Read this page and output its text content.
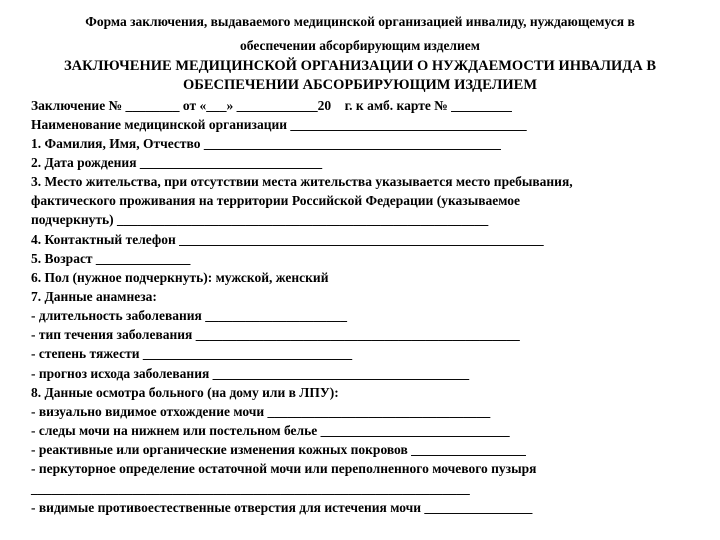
Форма заключения, выдаваемого медицинской организацией инвалиду, нуждающемуся в
обеспечении абсорбирующим изделием
ЗАКЛЮЧЕНИЕ МЕДИЦИНСКОЙ ОРГАНИЗАЦИИ О НУЖДАЕМОСТИ ИНВАЛИДА В
ОБЕСПЕЧЕНИИ АБСОРБИРУЮЩИМ ИЗДЕЛИЕМ
Заключение № ________ от «___» ____________20    г. к амб. карте № _________
Наименование медицинской организации ___________________________________
1. Фамилия, Имя, Отчество ____________________________________________
2. Дата рождения ___________________________
3. Место жительства, при отсутствии места жительства указывается место пребывания,
фактического проживания на территории Российской Федерации (указываемое
подчеркнуть) _______________________________________________________
4. Контактный телефон ______________________________________________________
5. Возраст ______________
6. Пол (нужное подчеркнуть): мужской, женский
7. Данные анамнеза:
- длительность заболевания _____________________
- тип течения заболевания ________________________________________________
- степень тяжести _______________________________
- прогноз исхода заболевания ______________________________________
8. Данные осмотра больного (на дому или в ЛПУ):
- визуально видимое отхождение мочи _________________________________
- следы мочи на нижнем или постельном белье ____________________________
- реактивные или органические изменения кожных покровов _________________
- перкуторное определение остаточной мочи или переполненного мочевого пузыря
_________________________________________________________________
- видимые противоестественные отверстия для истечения мочи ________________
